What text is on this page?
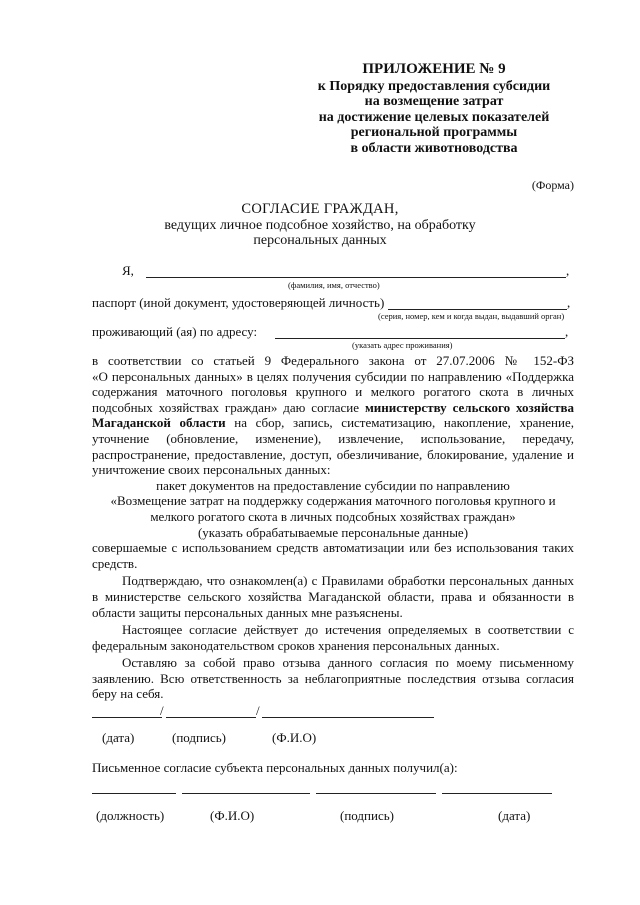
ПРИЛОЖЕНИЕ № 9
к Порядку предоставления субсидии
на возмещение затрат
на достижение целевых показателей
региональной программы
в области животноводства
(Форма)
СОГЛАСИЕ ГРАЖДАН,
ведущих личное подсобное хозяйство, на обработку
персональных данных
Я,	,
(фамилия, имя, отчество)
паспорт (иной документ, удостоверяющей личность)	,
(серия, номер, кем и когда выдан, выдавший орган)
проживающий (ая) по адресу:	,
(указать адрес проживания)
в соответствии со статьей 9 Федерального закона от 27.07.2006 № 152-ФЗ
«О персональных данных» в целях получения субсидии по направлению «Поддержка содержания маточного поголовья крупного и мелкого рогатого скота в личных подсобных хозяйствах граждан» даю согласие министерству сельского хозяйства Магаданской области на сбор, запись, систематизацию, накопление, хранение, уточнение (обновление, изменение), извлечение, использование, передачу, распространение, предоставление, доступ, обезличивание, блокирование, удаление и уничтожение своих персональных данных:
пакет документов на предоставление субсидии по направлению
«Возмещение затрат на поддержку содержания маточного поголовья крупного и
мелкого рогатого скота в личных подсобных хозяйствах граждан»
(указать обрабатываемые персональные данные)
совершаемые с использованием средств автоматизации или без использования таких средств.
Подтверждаю, что ознакомлен(а) с Правилами обработки персональных данных в министерстве сельского хозяйства Магаданской области, права и обязанности в области защиты персональных данных мне разъяснены.
Настоящее согласие действует до истечения определяемых в соответствии с федеральным законодательством сроков хранения персональных данных.
Оставляю за собой право отзыва данного согласия по моему письменному заявлению. Всю ответственность за неблагоприятные последствия отзыва согласия беру на себя.
/	/
(дата)	(подпись)	(Ф.И.О)
Письменное согласие субъекта персональных данных получил(а):
(должность)	(Ф.И.О)	(подпись)	(дата)
